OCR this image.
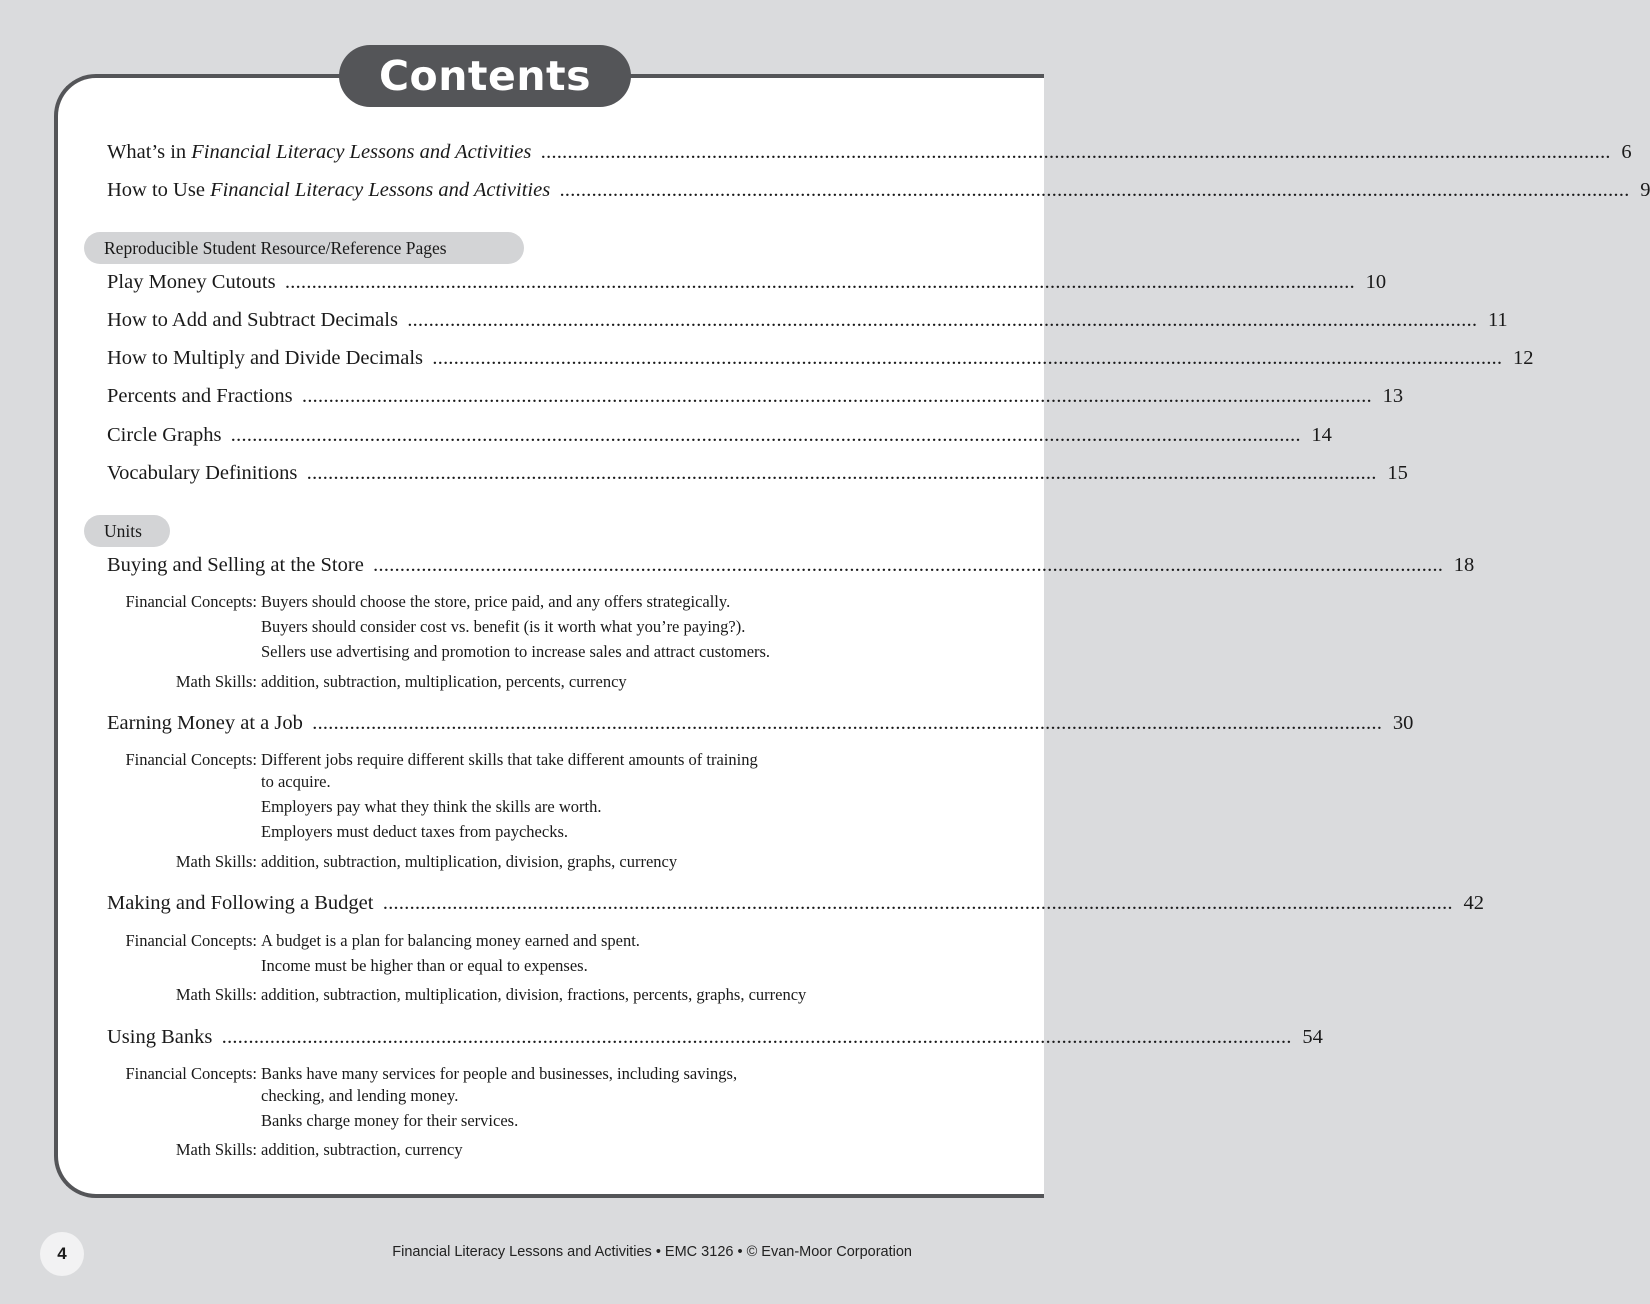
Contents
What’s in Financial Literacy Lessons and Activities ........................................................................................................................................................................................................ 6
How to Use Financial Literacy Lessons and Activities ........................................................................................................................................................................................................ 9
Reproducible Student Resource/Reference Pages
Play Money Cutouts ........................................................................................................................................................................................................ 10
How to Add and Subtract Decimals ........................................................................................................................................................................................................ 11
How to Multiply and Divide Decimals ........................................................................................................................................................................................................ 12
Percents and Fractions ........................................................................................................................................................................................................ 13
Circle Graphs ........................................................................................................................................................................................................ 14
Vocabulary Definitions ........................................................................................................................................................................................................ 15
Units
Buying and Selling at the Store ........................................................................................................................................................................................................ 18
Financial Concepts: Buyers should choose the store, price paid, and any offers strategically.
Buyers should consider cost vs. benefit (is it worth what you’re paying?).
Sellers use advertising and promotion to increase sales and attract customers.
Math Skills: addition, subtraction, multiplication, percents, currency
Earning Money at a Job ........................................................................................................................................................................................................ 30
Financial Concepts: Different jobs require different skills that take different amounts of training
to acquire.
Employers pay what they think the skills are worth.
Employers must deduct taxes from paychecks.
Math Skills: addition, subtraction, multiplication, division, graphs, currency
Making and Following a Budget ........................................................................................................................................................................................................ 42
Financial Concepts: A budget is a plan for balancing money earned and spent.
Income must be higher than or equal to expenses.
Math Skills: addition, subtraction, multiplication, division, fractions, percents, graphs, currency
Using Banks ........................................................................................................................................................................................................ 54
Financial Concepts: Banks have many services for people and businesses, including savings,
checking, and lending money.
Banks charge money for their services.
Math Skills: addition, subtraction, currency
4	Financial Literacy Lessons and Activities • EMC 3126 • © Evan-Moor Corporation
